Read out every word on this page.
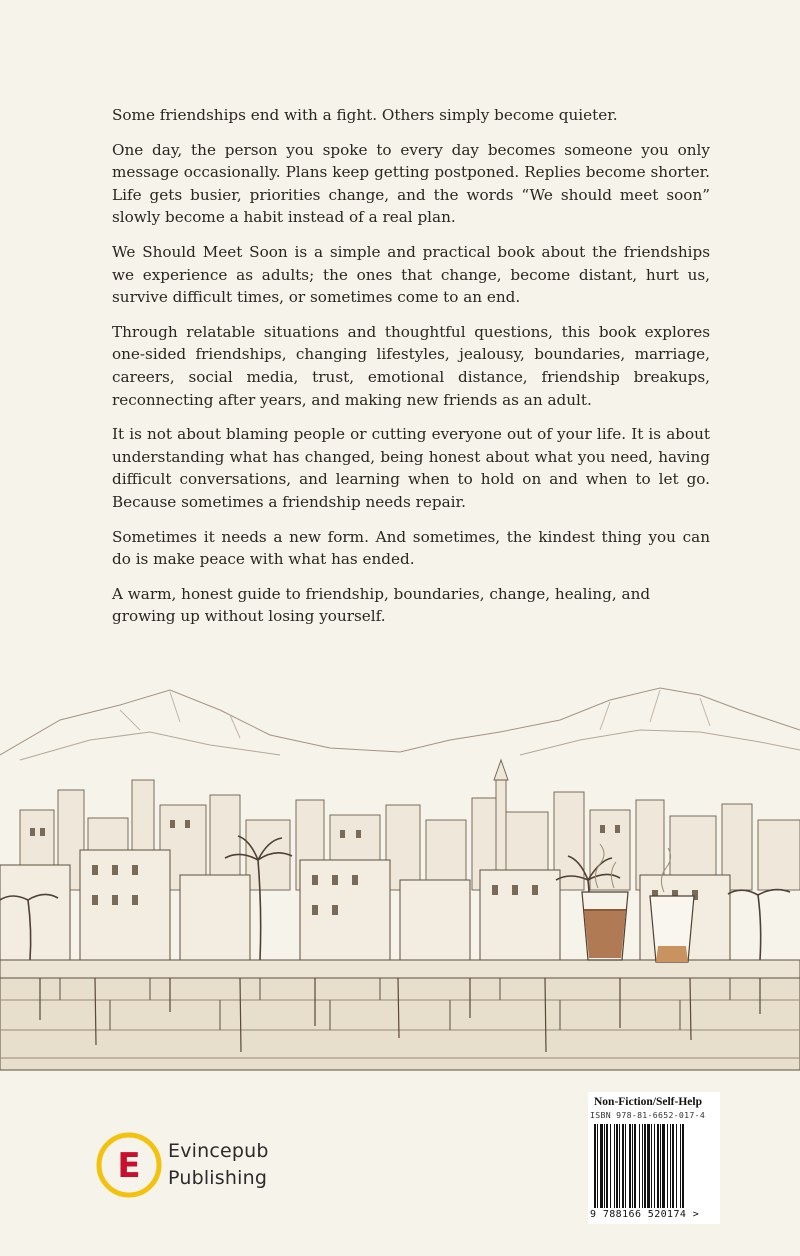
Some friendships end with a fight. Others simply become quieter.

One day, the person you spoke to every day becomes someone you only message occasionally. Plans keep getting postponed. Replies become shorter. Life gets busier, priorities change, and the words “We should meet soon” slowly become a habit instead of a real plan.

We Should Meet Soon is a simple and practical book about the friendships we experience as adults; the ones that change, become distant, hurt us, survive difficult times, or sometimes come to an end.

Through relatable situations and thoughtful questions, this book explores one-sided friendships, changing lifestyles, jealousy, boundaries, marriage, careers, social media, trust, emotional distance, friendship breakups, reconnecting after years, and making new friends as an adult.

It is not about blaming people or cutting everyone out of your life. It is about understanding what has changed, being honest about what you need, having difficult conversations, and learning when to hold on and when to let go. Because sometimes a friendship needs repair.

Sometimes it needs a new form. And sometimes, the kindest thing you can do is make peace with what has ended.

A warm, honest guide to friendship, boundaries, change, healing, and growing up without losing yourself.

E Evincepub
Publishing
Non-Fiction/Self-Help
ISBN 978-81-6652-017-4
9 788166 520174 >
